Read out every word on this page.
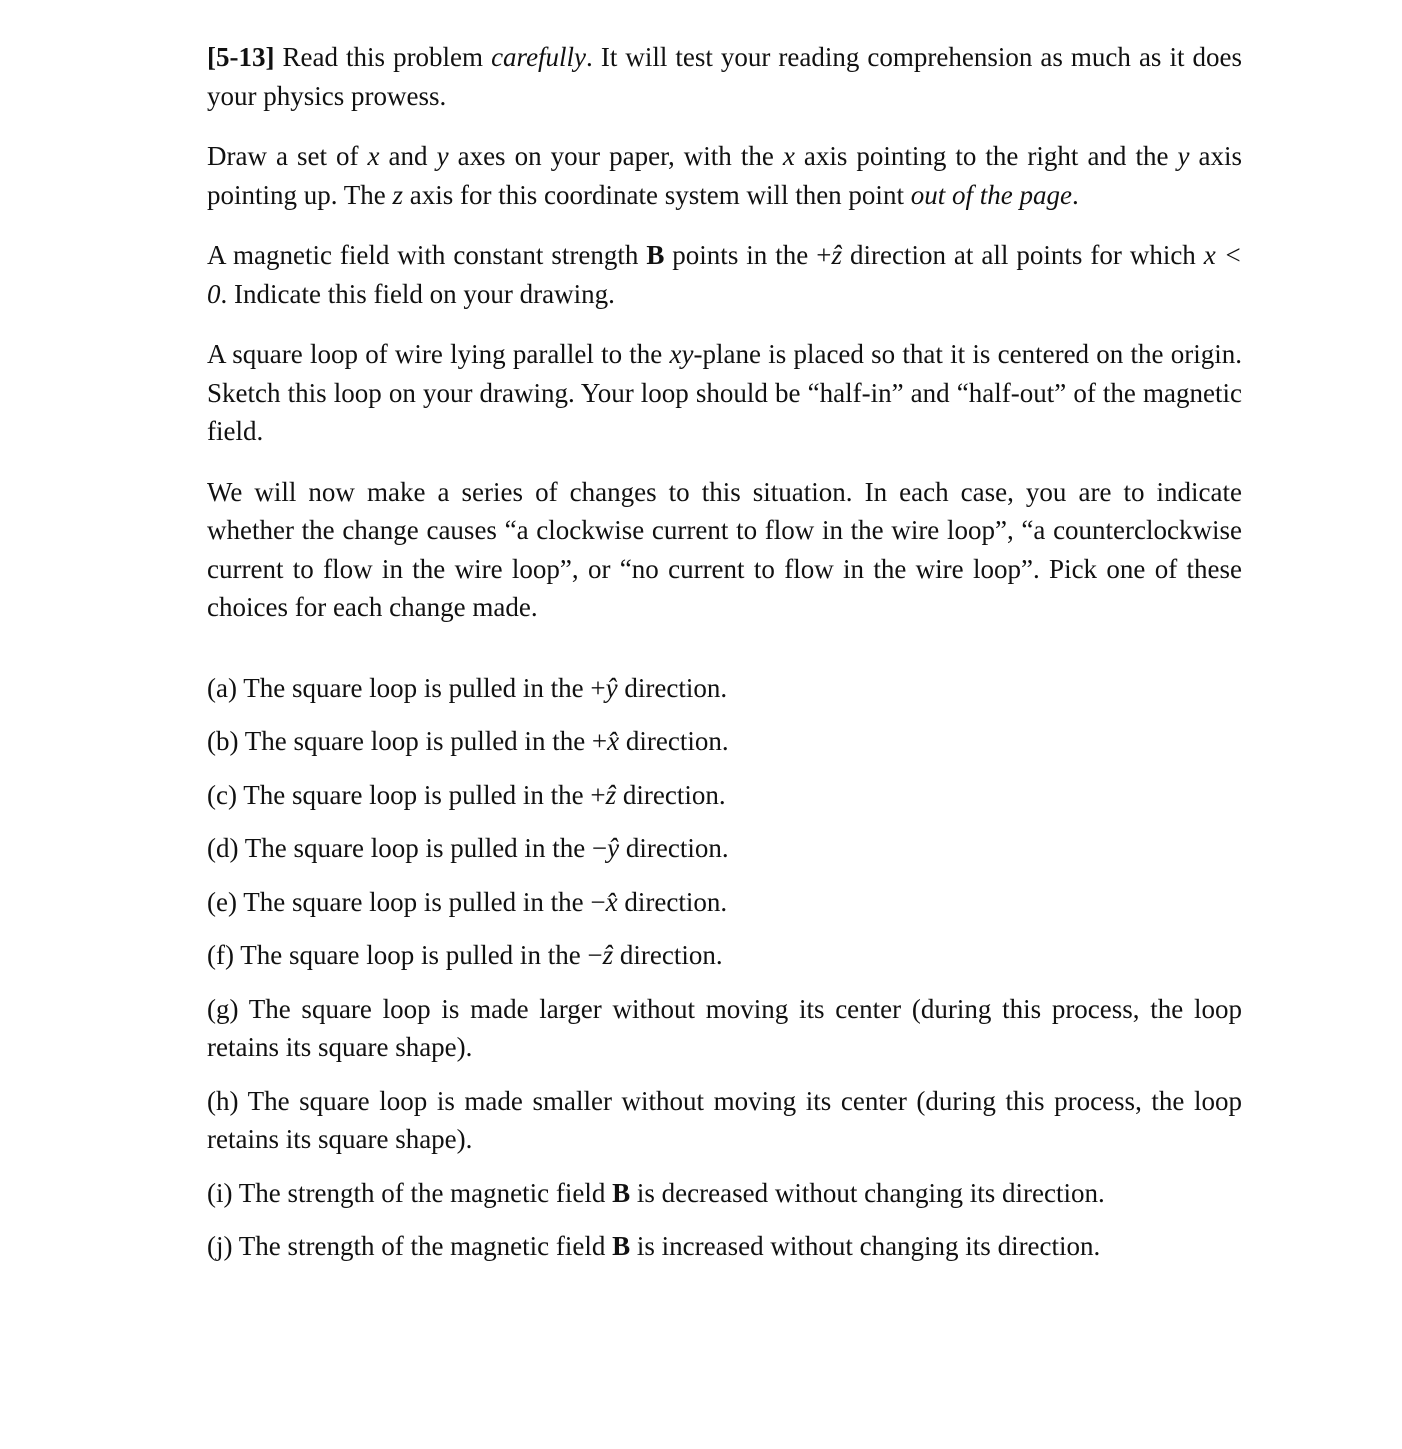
[5-13] Read this problem carefully. It will test your reading comprehension as much as it does your physics prowess.

Draw a set of x and y axes on your paper, with the x axis pointing to the right and the y axis pointing up. The z axis for this coordinate system will then point out of the page.

A magnetic field with constant strength B points in the +ẑ direction at all points for which x < 0. Indicate this field on your drawing.

A square loop of wire lying parallel to the xy-plane is placed so that it is centered on the origin. Sketch this loop on your drawing. Your loop should be “half-in” and “half-out” of the magnetic field.

We will now make a series of changes to this situation. In each case, you are to indicate whether the change causes “a clockwise current to flow in the wire loop”, “a counterclockwise current to flow in the wire loop”, or “no current to flow in the wire loop”. Pick one of these choices for each change made.

(a) The square loop is pulled in the +ŷ direction.

(b) The square loop is pulled in the +x̂ direction.

(c) The square loop is pulled in the +ẑ direction.

(d) The square loop is pulled in the −ŷ direction.

(e) The square loop is pulled in the −x̂ direction.

(f) The square loop is pulled in the −ẑ direction.

(g) The square loop is made larger without moving its center (during this process, the loop retains its square shape).

(h) The square loop is made smaller without moving its center (during this process, the loop retains its square shape).

(i) The strength of the magnetic field B is decreased without changing its direction.

(j) The strength of the magnetic field B is increased without changing its direction.
